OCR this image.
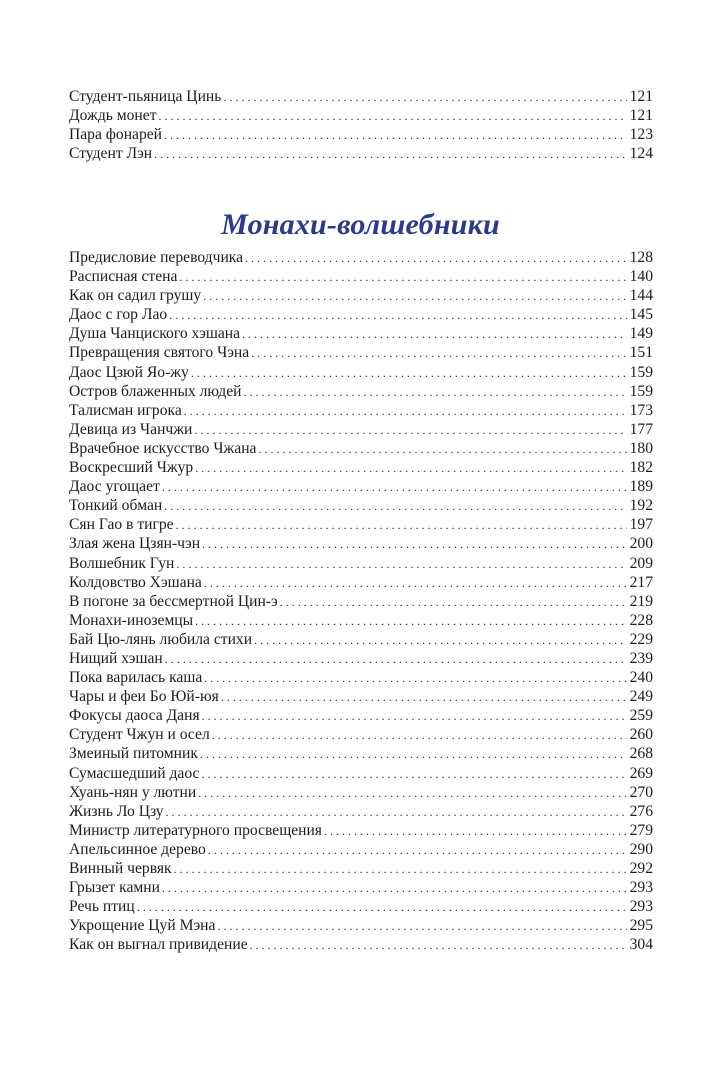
Студент-пьяница Цинь . . .	121
Дождь монет . . .	121
Пара фонарей . . .	123
Студент Лэн . . .	124
Монахи-волшебники
Предисловие переводчика . . .	128
Расписная стена . . .	140
Как он садил грушу . . .	144
Даос с гор Лао . . .	145
Душа Чанциского хэшана . . .	149
Превращения святого Чэна . . .	151
Даос Цзюй Яо-жу . . .	159
Остров блаженных людей . . .	159
Талисман игрока . . .	173
Девица из Чанчжи . . .	177
Врачебное искусство Чжана . . .	180
Воскресший Чжур . . .	182
Даос угощает . . .	189
Тонкий обман . . .	192
Сян Гао в тигре . . .	197
Злая жена Цзян-чэн . . .	200
Волшебник Гун . . .	209
Колдовство Хэшана . . .	217
В погоне за бессмертной Цин-э . . .	219
Монахи-иноземцы . . .	228
Бай Цю-лянь любила стихи . . .	229
Нищий хэшан . . .	239
Пока варилась каша . . .	240
Чары и феи Бо Юй-юя . . .	249
Фокусы даоса Даня . . .	259
Студент Чжун и осел . . .	260
Змеиный питомник . . .	268
Сумасшедший даос . . .	269
Хуань-нян у лютни . . .	270
Жизнь Ло Цзу . . .	276
Министр литературного просвещения . . .	279
Апельсинное дерево . . .	290
Винный червяк . . .	292
Грызет камни . . .	293
Речь птиц . . .	293
Укрощение Цуй Мэна . . .	295
Как он выгнал привидение . . .	304
